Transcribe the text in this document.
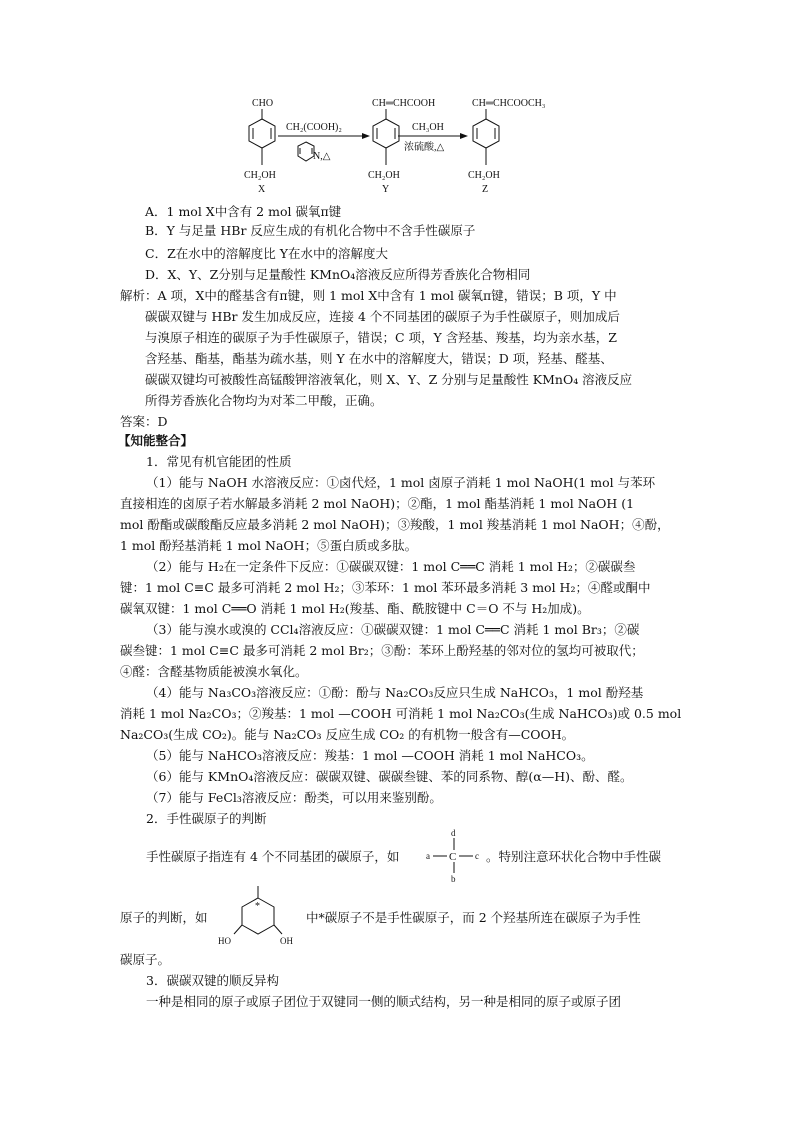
CHO
CH₂OH
X
CH₂(COOH)₂
N,△
CH═CHCOOH
CH₂OH
Y
CH₃OH
浓硫酸,△
CH═CHCOOCH₃
CH₂OH
Z
A．1 mol X中含有 2 mol 碳氧π键
B．Y 与足量 HBr 反应生成的有机化合物中不含手性碳原子
C．Z在水中的溶解度比 Y在水中的溶解度大
D．X、Y、Z分别与足量酸性 KMnO₄溶液反应所得芳香族化合物相同
解析：A 项，X中的醛基含有π键，则 1 mol X中含有 1 mol 碳氧π键，错误；B 项，Y 中
碳碳双键与 HBr 发生加成反应，连接 4 个不同基团的碳原子为手性碳原子，则加成后
与溴原子相连的碳原子为手性碳原子，错误；C 项，Y 含羟基、羧基，均为亲水基，Z
含羟基、酯基，酯基为疏水基，则 Y 在水中的溶解度大，错误；D 项，羟基、醛基、
碳碳双键均可被酸性高锰酸钾溶液氧化，则 X、Y、Z 分别与足量酸性 KMnO₄ 溶液反应
所得芳香族化合物均为对苯二甲酸，正确。
答案：D
【知能整合】
1．常见有机官能团的性质
（1）能与 NaOH 水溶液反应：①卤代烃，1 mol 卤原子消耗 1 mol NaOH(1 mol 与苯环
直接相连的卤原子若水解最多消耗 2 mol NaOH)；②酯，1 mol 酯基消耗 1 mol NaOH (1
mol 酚酯或碳酸酯反应最多消耗 2 mol NaOH)；③羧酸，1 mol 羧基消耗 1 mol NaOH；④酚，
1 mol 酚羟基消耗 1 mol NaOH；⑤蛋白质或多肽。
（2）能与 H₂在一定条件下反应：①碳碳双键：1 mol C══C 消耗 1 mol H₂；②碳碳叁
键：1 mol C≡C 最多可消耗 2 mol H₂；③苯环：1 mol 苯环最多消耗 3 mol H₂；④醛或酮中
碳氧双键：1 mol C══O 消耗 1 mol H₂(羧基、酯、酰胺键中 C＝O 不与 H₂加成)。
（3）能与溴水或溴的 CCl₄溶液反应：①碳碳双键：1 mol C══C 消耗 1 mol Br₃；②碳
碳叁键：1 mol C≡C 最多可消耗 2 mol Br₂；③酚：苯环上酚羟基的邻对位的氢均可被取代；
④醛：含醛基物质能被溴水氧化。
（4）能与 Na₃CO₃溶液反应：①酚：酚与 Na₂CO₃反应只生成 NaHCO₃，1 mol 酚羟基
消耗 1 mol Na₂CO₃；②羧基：1 mol —COOH 可消耗 1 mol Na₂CO₃(生成 NaHCO₃)或 0.5 mol
Na₂CO₃(生成 CO₂)。能与 Na₂CO₃ 反应生成 CO₂ 的有机物一般含有—COOH。
（5）能与 NaHCO₃溶液反应：羧基：1 mol —COOH 消耗 1 mol NaHCO₃。
（6）能与 KMnO₄溶液反应：碳碳双键、碳碳叁键、苯的同系物、醇(α—H)、酚、醛。
（7）能与 FeCl₃溶液反应：酚类，可以用来鉴别酚。
2．手性碳原子的判断
手性碳原子指连有 4 个不同基团的碳原子，如
d
a C c
b
。特别注意环状化合物中手性碳
原子的判断，如
*
HO	OH
中*碳原子不是手性碳原子，而 2 个羟基所连在碳原子为手性
碳原子。
3．碳碳双键的顺反异构
一种是相同的原子或原子团位于双键同一侧的顺式结构，另一种是相同的原子或原子团
